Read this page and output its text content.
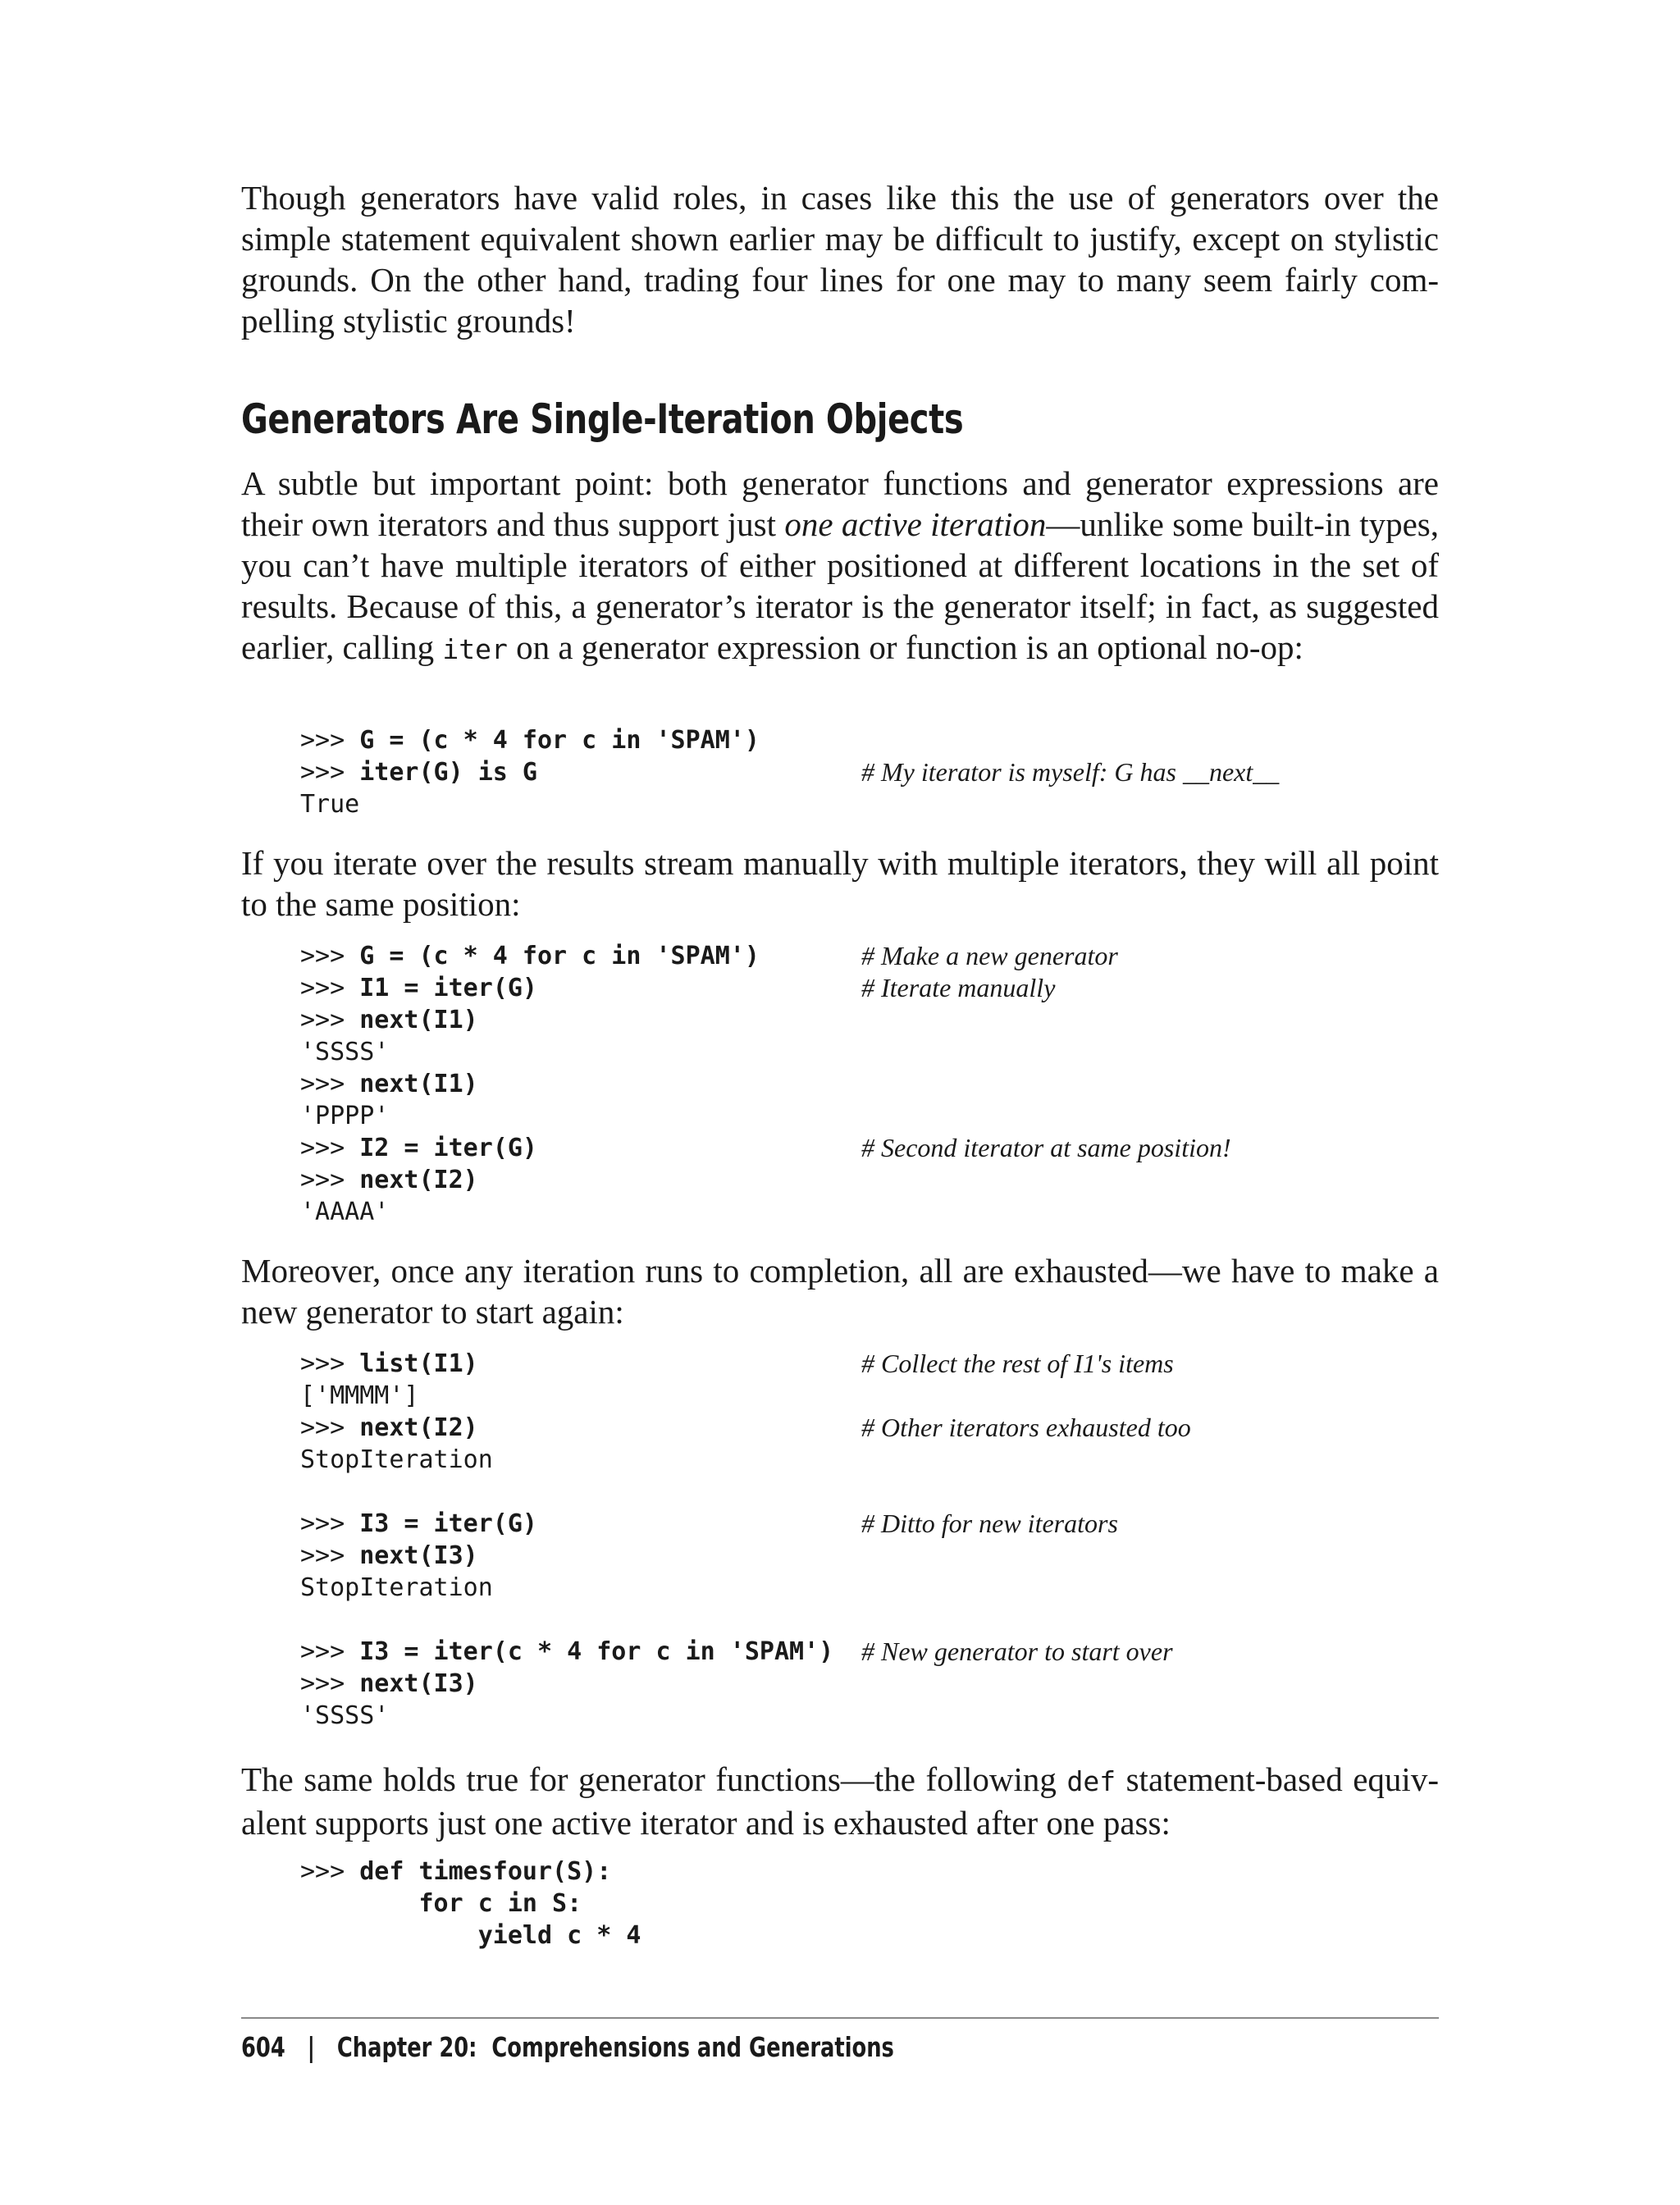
Though generators have valid roles, in cases like this the use of generators over the simple statement equivalent shown earlier may be difficult to justify, except on stylistic grounds. On the other hand, trading four lines for one may to many seem fairly compelling stylistic grounds!

Generators Are Single-Iteration Objects

A subtle but important point: both generator functions and generator expressions are their own iterators and thus support just one active iteration—unlike some built-in types, you can’t have multiple iterators of either positioned at different locations in the set of results. Because of this, a generator’s iterator is the generator itself; in fact, as suggested earlier, calling iter on a generator expression or function is an optional no-op:

>>> G = (c * 4 for c in 'SPAM')
>>> iter(G) is G	# My iterator is myself: G has __next__
True

If you iterate over the results stream manually with multiple iterators, they will all point to the same position:

>>> G = (c * 4 for c in 'SPAM')	# Make a new generator
>>> I1 = iter(G)	# Iterate manually
>>> next(I1)
'SSSS'
>>> next(I1)
'PPPP'
>>> I2 = iter(G)	# Second iterator at same position!
>>> next(I2)
'AAAA'

Moreover, once any iteration runs to completion, all are exhausted—we have to make a new generator to start again:

>>> list(I1)	# Collect the rest of I1's items
['MMMM']
>>> next(I2)	# Other iterators exhausted too
StopIteration
>>> I3 = iter(G)	# Ditto for new iterators
>>> next(I3)
StopIteration
>>> I3 = iter(c * 4 for c in 'SPAM') # New generator to start over
>>> next(I3)
'SSSS'

The same holds true for generator functions—the following def statement-based equivalent supports just one active iterator and is exhausted after one pass:

>>> def timesfour(S):
for c in S:
yield c * 4

604 | Chapter 20:  Comprehensions and Generations
